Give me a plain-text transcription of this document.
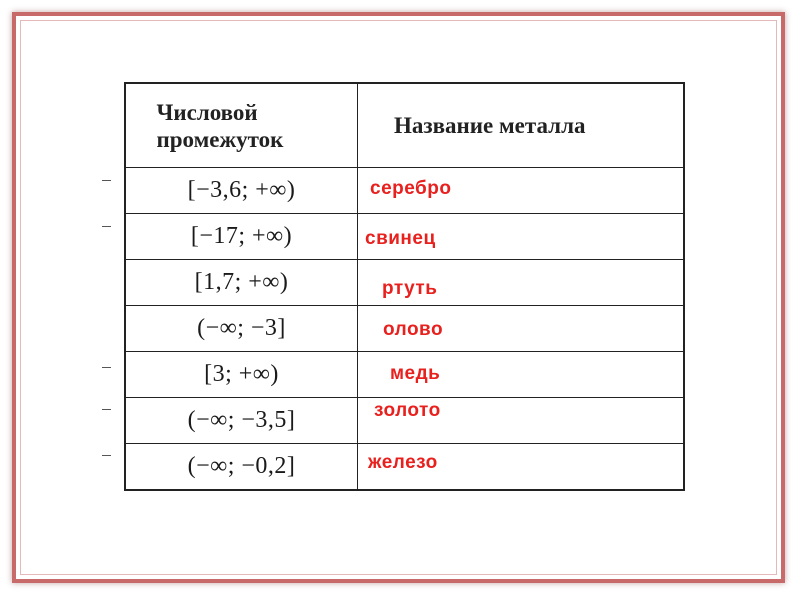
Числовой промежуток
Название металла
[−3,6; +∞)
[−17; +∞)
[1,7; +∞)
(−∞; −3]
[3; +∞)
(−∞; −3,5]
(−∞; −0,2]
серебро
свинец
ртуть
олово
медь
золото
железо
